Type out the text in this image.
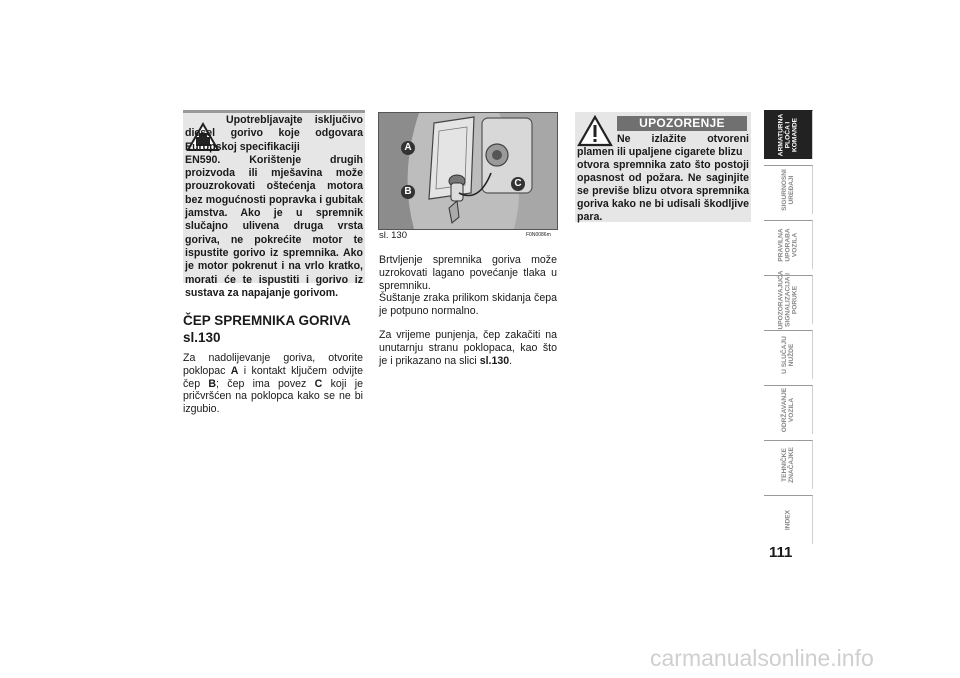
Upotrebljavajte isključivo diesel gorivo koje odgovara Europskoj specifikaciji

EN590. Korištenje drugih proizvoda ili mješavina može prouzrokovati oštećenja motora bez mogućnosti popravka i gubitak jamstva. Ako je u spremnik slučajno ulivena druga vrsta goriva, ne pokrećite motor te ispustite gorivo iz spremnika. Ako je motor pokrenut i na vrlo kratko, morati će te ispustiti i gorivo iz sustava za napajanje gorivom.

ČEP SPREMNIKA GORIVA
sl.130
Za nadolijevanje goriva, otvorite poklopac A i kontakt ključem odvijte čep B; čep ima povez C koji je pričvršćen na poklopca kako se ne bi izgubio.
A
B
C
sl. 130	F0N0086m

Brtvljenje spremnika goriva može uzrokovati lagano povećanje tlaka u spremniku.
Šuštanje zraka prilikom skidanja čepa je potpuno normalno.

Za vrijeme punjenja, čep zakačiti na unutarnju stranu poklopaca, kao što je i prikazano na slici sl.130.

UPOZORENJE

Ne izlažite otvoreni plamen ili upaljene cigarete blizu

otvora spremnika zato što postoji opasnost od požara. Ne saginjite se previše blizu otvora spremnika goriva kako ne bi udisali škodljive para.

ARMATURNA
PLOČA I
KOMANDE
SIGURNOSNI
UREĐAJI
PRAVILNA
UPORABA
VOZILA
UPOZORAVAJUĆA
SIGNALIZACIJA I
PORUKE
U SLUČAJU
NUŽDE
ODRŽAVANJE
VOZILA
TEHNIČKE
ZNAČAJKE
INDEX
111
carmanualsonline.info
